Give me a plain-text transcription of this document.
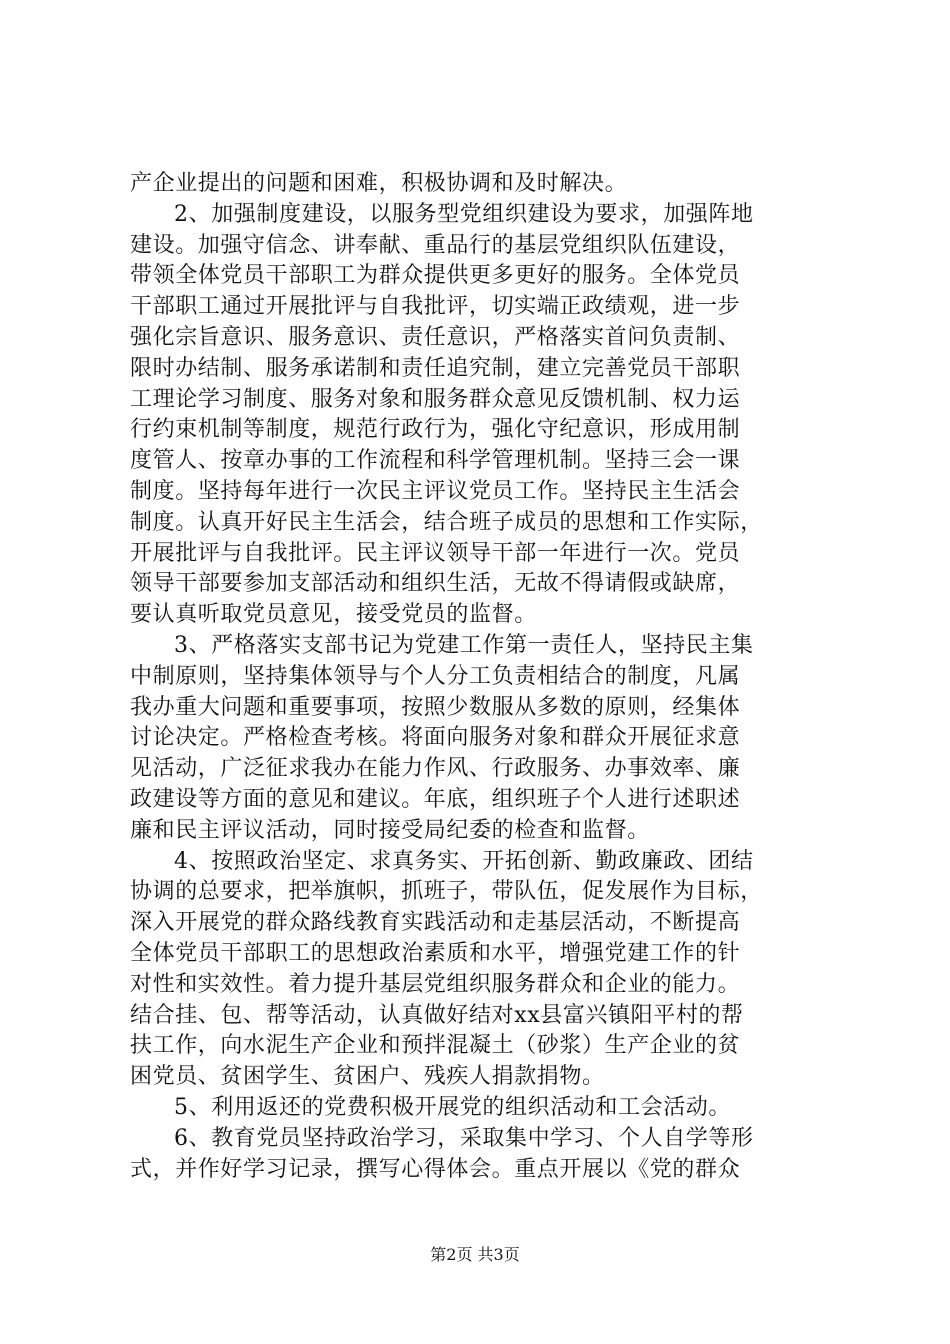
产企业提出的问题和困难，积极协调和及时解决。
2、加强制度建设，以服务型党组织建设为要求，加强阵地
建设。加强守信念、讲奉献、重品行的基层党组织队伍建设，
带领全体党员干部职工为群众提供更多更好的服务。全体党员
干部职工通过开展批评与自我批评，切实端正政绩观，进一步
强化宗旨意识、服务意识、责任意识，严格落实首问负责制、
限时办结制、服务承诺制和责任追究制，建立完善党员干部职
工理论学习制度、服务对象和服务群众意见反馈机制、权力运
行约束机制等制度，规范行政行为，强化守纪意识，形成用制
度管人、按章办事的工作流程和科学管理机制。坚持三会一课
制度。坚持每年进行一次民主评议党员工作。坚持民主生活会
制度。认真开好民主生活会，结合班子成员的思想和工作实际，
开展批评与自我批评。民主评议领导干部一年进行一次。党员
领导干部要参加支部活动和组织生活，无故不得请假或缺席，
要认真听取党员意见，接受党员的监督。
3、严格落实支部书记为党建工作第一责任人，坚持民主集
中制原则，坚持集体领导与个人分工负责相结合的制度，凡属
我办重大问题和重要事项，按照少数服从多数的原则，经集体
讨论决定。严格检查考核。将面向服务对象和群众开展征求意
见活动，广泛征求我办在能力作风、行政服务、办事效率、廉
政建设等方面的意见和建议。年底，组织班子个人进行述职述
廉和民主评议活动，同时接受局纪委的检查和监督。
4、按照政治坚定、求真务实、开拓创新、勤政廉政、团结
协调的总要求，把举旗帜，抓班子，带队伍，促发展作为目标，
深入开展党的群众路线教育实践活动和走基层活动，不断提高
全体党员干部职工的思想政治素质和水平，增强党建工作的针
对性和实效性。着力提升基层党组织服务群众和企业的能力。
结合挂、包、帮等活动，认真做好结对xx县富兴镇阳平村的帮
扶工作，向水泥生产企业和预拌混凝土（砂浆）生产企业的贫
困党员、贫困学生、贫困户、残疾人捐款捐物。
5、利用返还的党费积极开展党的组织活动和工会活动。
6、教育党员坚持政治学习，采取集中学习、个人自学等形
式，并作好学习记录，撰写心得体会。重点开展以《党的群众
第2页 共3页
